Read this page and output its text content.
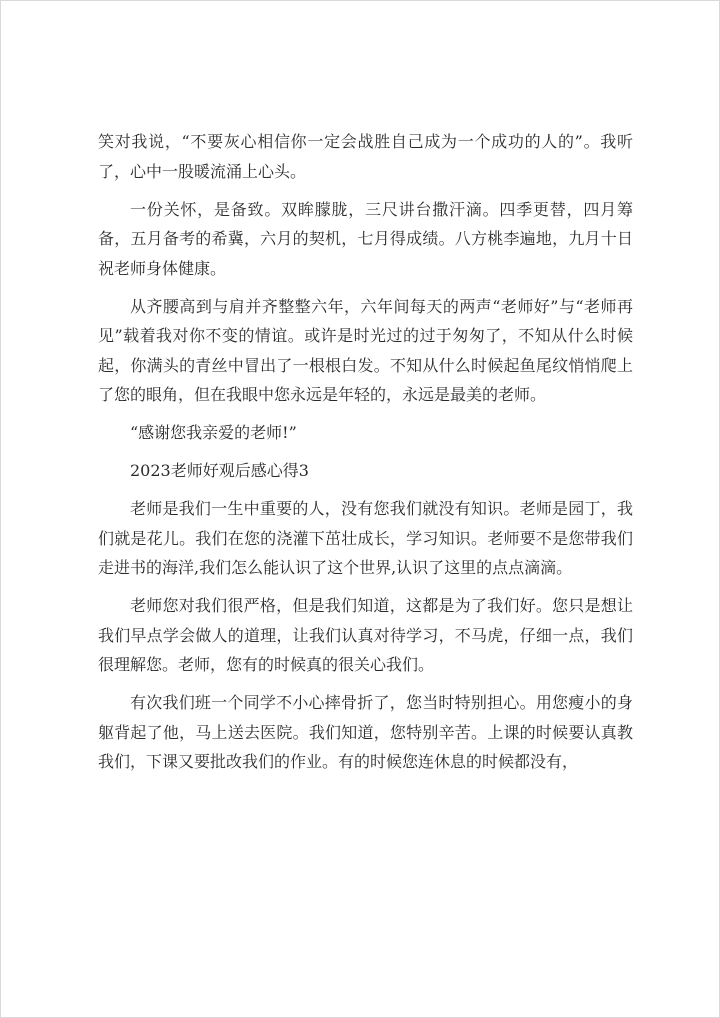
笑对我说，“不要灰心相信你一定会战胜自己成为一个成功的人的”。我听了，心中一股暖流涌上心头。

一份关怀，是备致。双眸朦胧，三尺讲台撒汗滴。四季更替，四月筹备，五月备考的希冀，六月的契机，七月得成绩。八方桃李遍地，九月十日祝老师身体健康。

从齐腰高到与肩并齐整整六年，六年间每天的两声“老师好”与“老师再见”载着我对你不变的情谊。或许是时光过的过于匆匆了，不知从什么时候起，你满头的青丝中冒出了一根根白发。不知从什么时候起鱼尾纹悄悄爬上了您的眼角，但在我眼中您永远是年轻的，永远是最美的老师。

“感谢您我亲爱的老师!”

2023老师好观后感心得3

老师是我们一生中重要的人，没有您我们就没有知识。老师是园丁，我们就是花儿。我们在您的浇灌下茁壮成长，学习知识。老师要不是您带我们走进书的海洋,我们怎么能认识了这个世界,认识了这里的点点滴滴。

老师您对我们很严格，但是我们知道，这都是为了我们好。您只是想让我们早点学会做人的道理，让我们认真对待学习，不马虎，仔细一点，我们很理解您。老师，您有的时候真的很关心我们。

有次我们班一个同学不小心摔骨折了，您当时特别担心。用您瘦小的身躯背起了他，马上送去医院。我们知道，您特别辛苦。上课的时候要认真教我们，下课又要批改我们的作业。有的时候您连休息的时候都没有，
